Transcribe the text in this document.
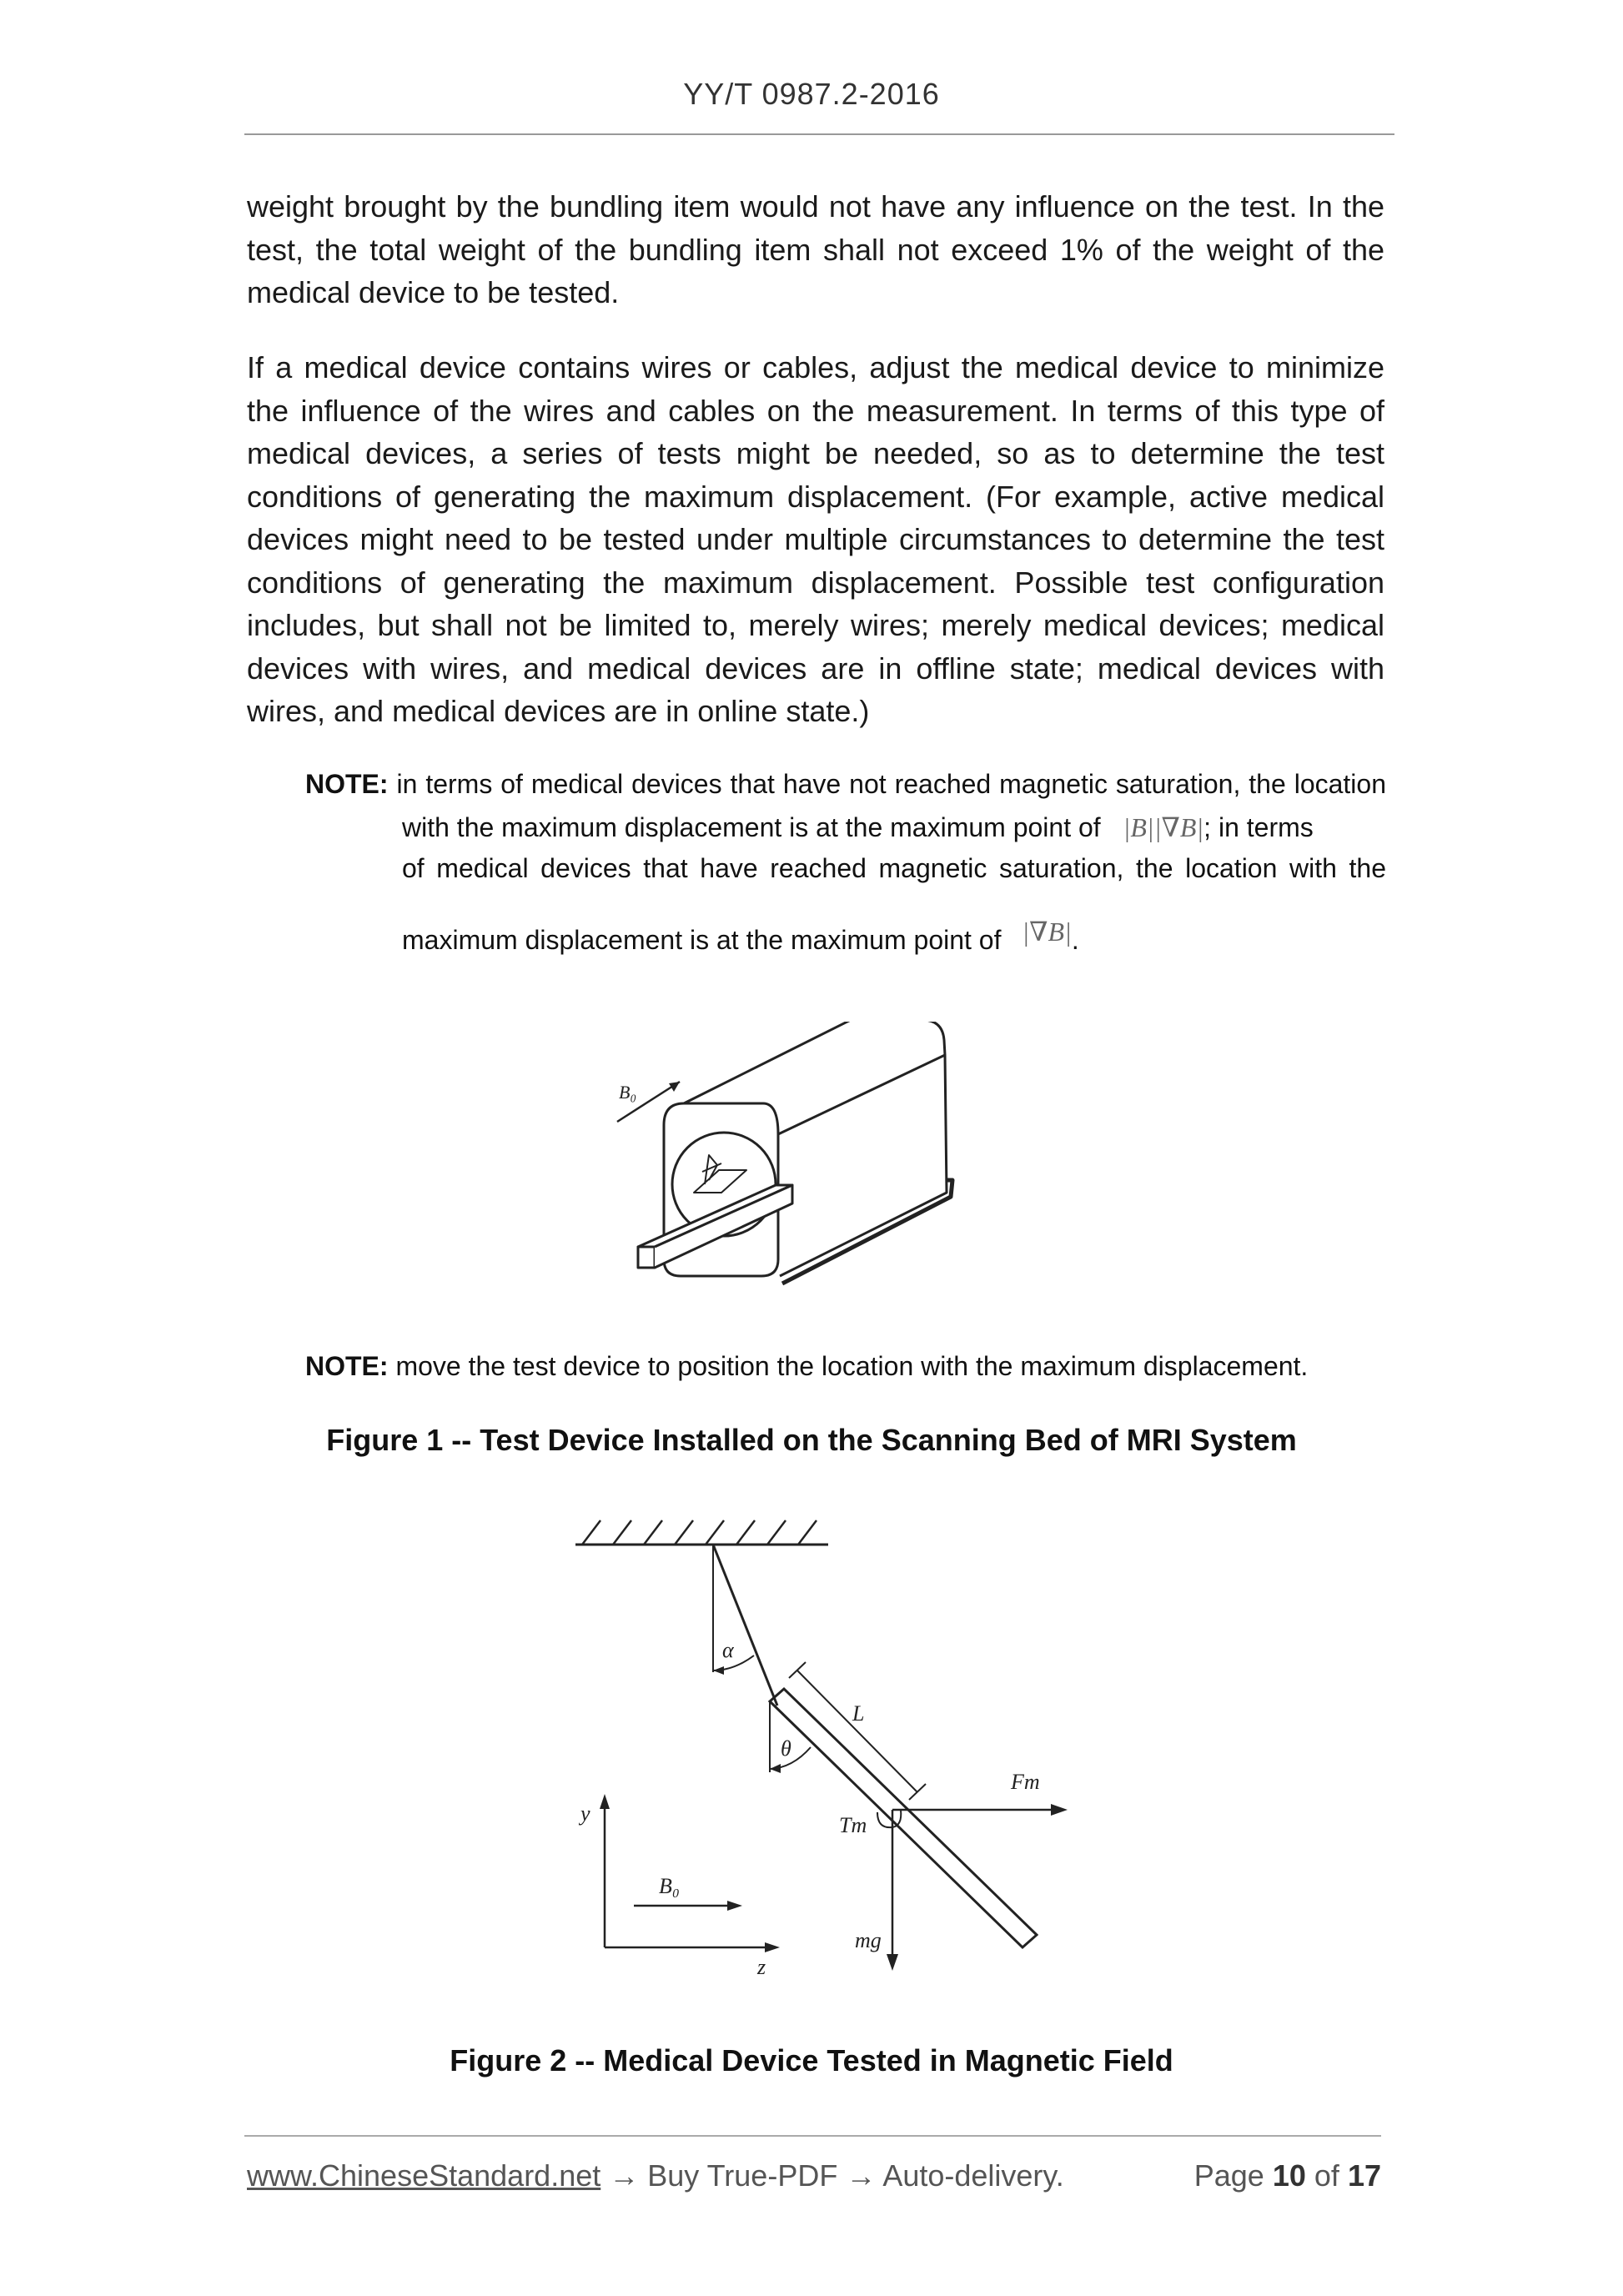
YY/T 0987.2-2016
weight brought by the bundling item would not have any influence on the test. In the test, the total weight of the bundling item shall not exceed 1% of the weight of the medical device to be tested.
If a medical device contains wires or cables, adjust the medical device to minimize the influence of the wires and cables on the measurement. In terms of this type of medical devices, a series of tests might be needed, so as to determine the test conditions of generating the maximum displacement. (For example, active medical devices might need to be tested under multiple circumstances to determine the test conditions of generating the maximum displacement. Possible test configuration includes, but shall not be limited to, merely wires; merely medical devices; medical devices with wires, and medical devices are in offline state; medical devices with wires, and medical devices are in online state.)
NOTE: in terms of medical devices that have not reached magnetic saturation, the location
with the maximum displacement is at the maximum point of |B||∇B|; in terms
of medical devices that have reached magnetic saturation, the location with the
maximum displacement is at the maximum point of |∇B|.
B₀
NOTE: move the test device to position the location with the maximum displacement.
Figure 1 -- Test Device Installed on the Scanning Bed of MRI System
α
θ
L
Fm
Tm
mg
y
z
B₀
Figure 2 -- Medical Device Tested in Magnetic Field
www.ChineseStandard.net → Buy True-PDF → Auto-delivery.	Page 10 of 17
